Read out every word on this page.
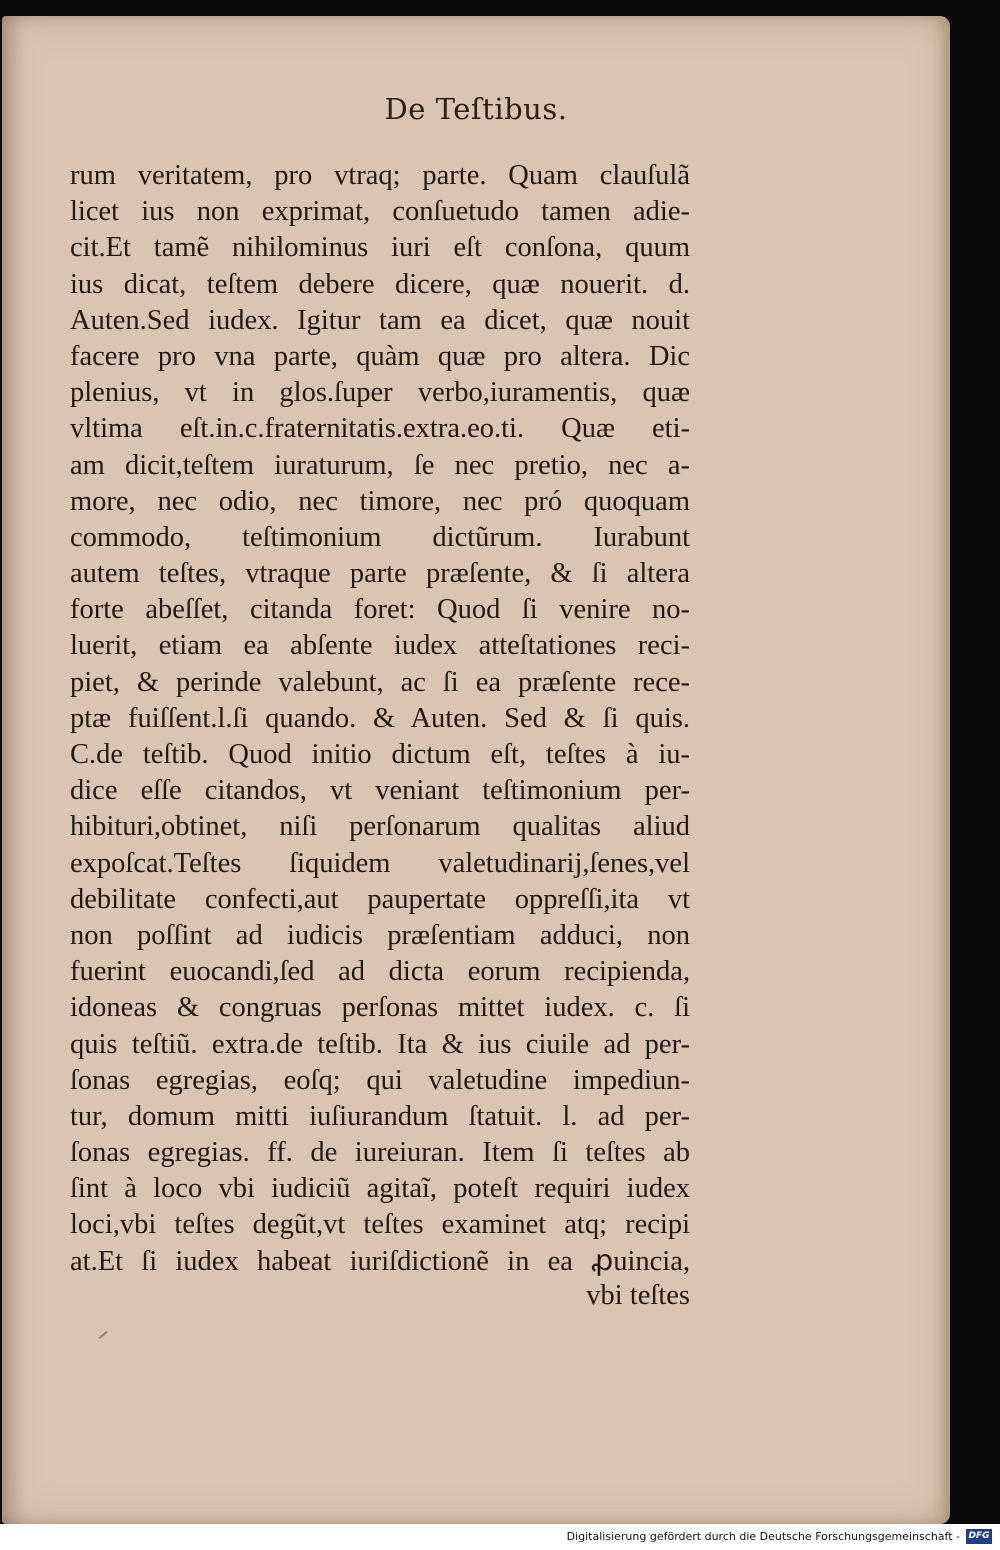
De Teſtibus.
rum veritatem, pro vtraq; parte. Quam clauſulã
licet ius non exprimat, conſuetudo tamen adie-
cit.Et tamẽ nihilominus iuri eſt conſona, quum
ius dicat, teſtem debere dicere, quæ nouerit. d.
Auten.Sed iudex. Igitur tam ea dicet, quæ nouit
facere pro vna parte, quàm quæ pro altera. Dic
plenius, vt in glos.ſuper verbo,iuramentis, quæ
vltima eſt.in.c.fraternitatis.extra.eo.ti. Quæ eti-
am dicit,teſtem iuraturum, ſe nec pretio, nec a-
more, nec odio, nec timore, nec pró quoquam
commodo, teſtimonium dictũrum. Iurabunt
autem teſtes, vtraque parte præſente, & ſi altera
forte abeſſet, citanda foret: Quod ſi venire no-
luerit, etiam ea abſente iudex atteſtationes reci-
piet, & perinde valebunt, ac ſi ea præſente rece-
ptæ fuiſſent.l.ſi quando. & Auten. Sed & ſi quis.
C.de teſtib. Quod initio dictum eſt, teſtes à iu-
dice eſſe citandos, vt veniant teſtimonium per-
hibituri,obtinet, niſi perſonarum qualitas aliud
expoſcat.Teſtes ſiquidem valetudinarij,ſenes,vel
debilitate confecti,aut paupertate oppreſſi,ita vt
non poſſint ad iudicis præſentiam adduci, non
fuerint euocandi,ſed ad dicta eorum recipienda,
idoneas & congruas perſonas mittet iudex. c. ſi
quis teſtiũ. extra.de teſtib. Ita & ius ciuile ad per-
ſonas egregias, eoſq; qui valetudine impediun-
tur, domum mitti iuſiurandum ſtatuit. l. ad per-
ſonas egregias. ff. de iureiuran. Item ſi teſtes ab
ſint à loco vbi iudiciũ agitaĩ, poteſt requiri iudex
loci,vbi teſtes degũt,vt teſtes examinet atq; recipi
at.Et ſi iudex habeat iuriſdictionẽ in ea ꝓuincia,
vbi teſtes
Digitalisierung gefördert durch die Deutsche Forschungsgemeinschaft - DFG
